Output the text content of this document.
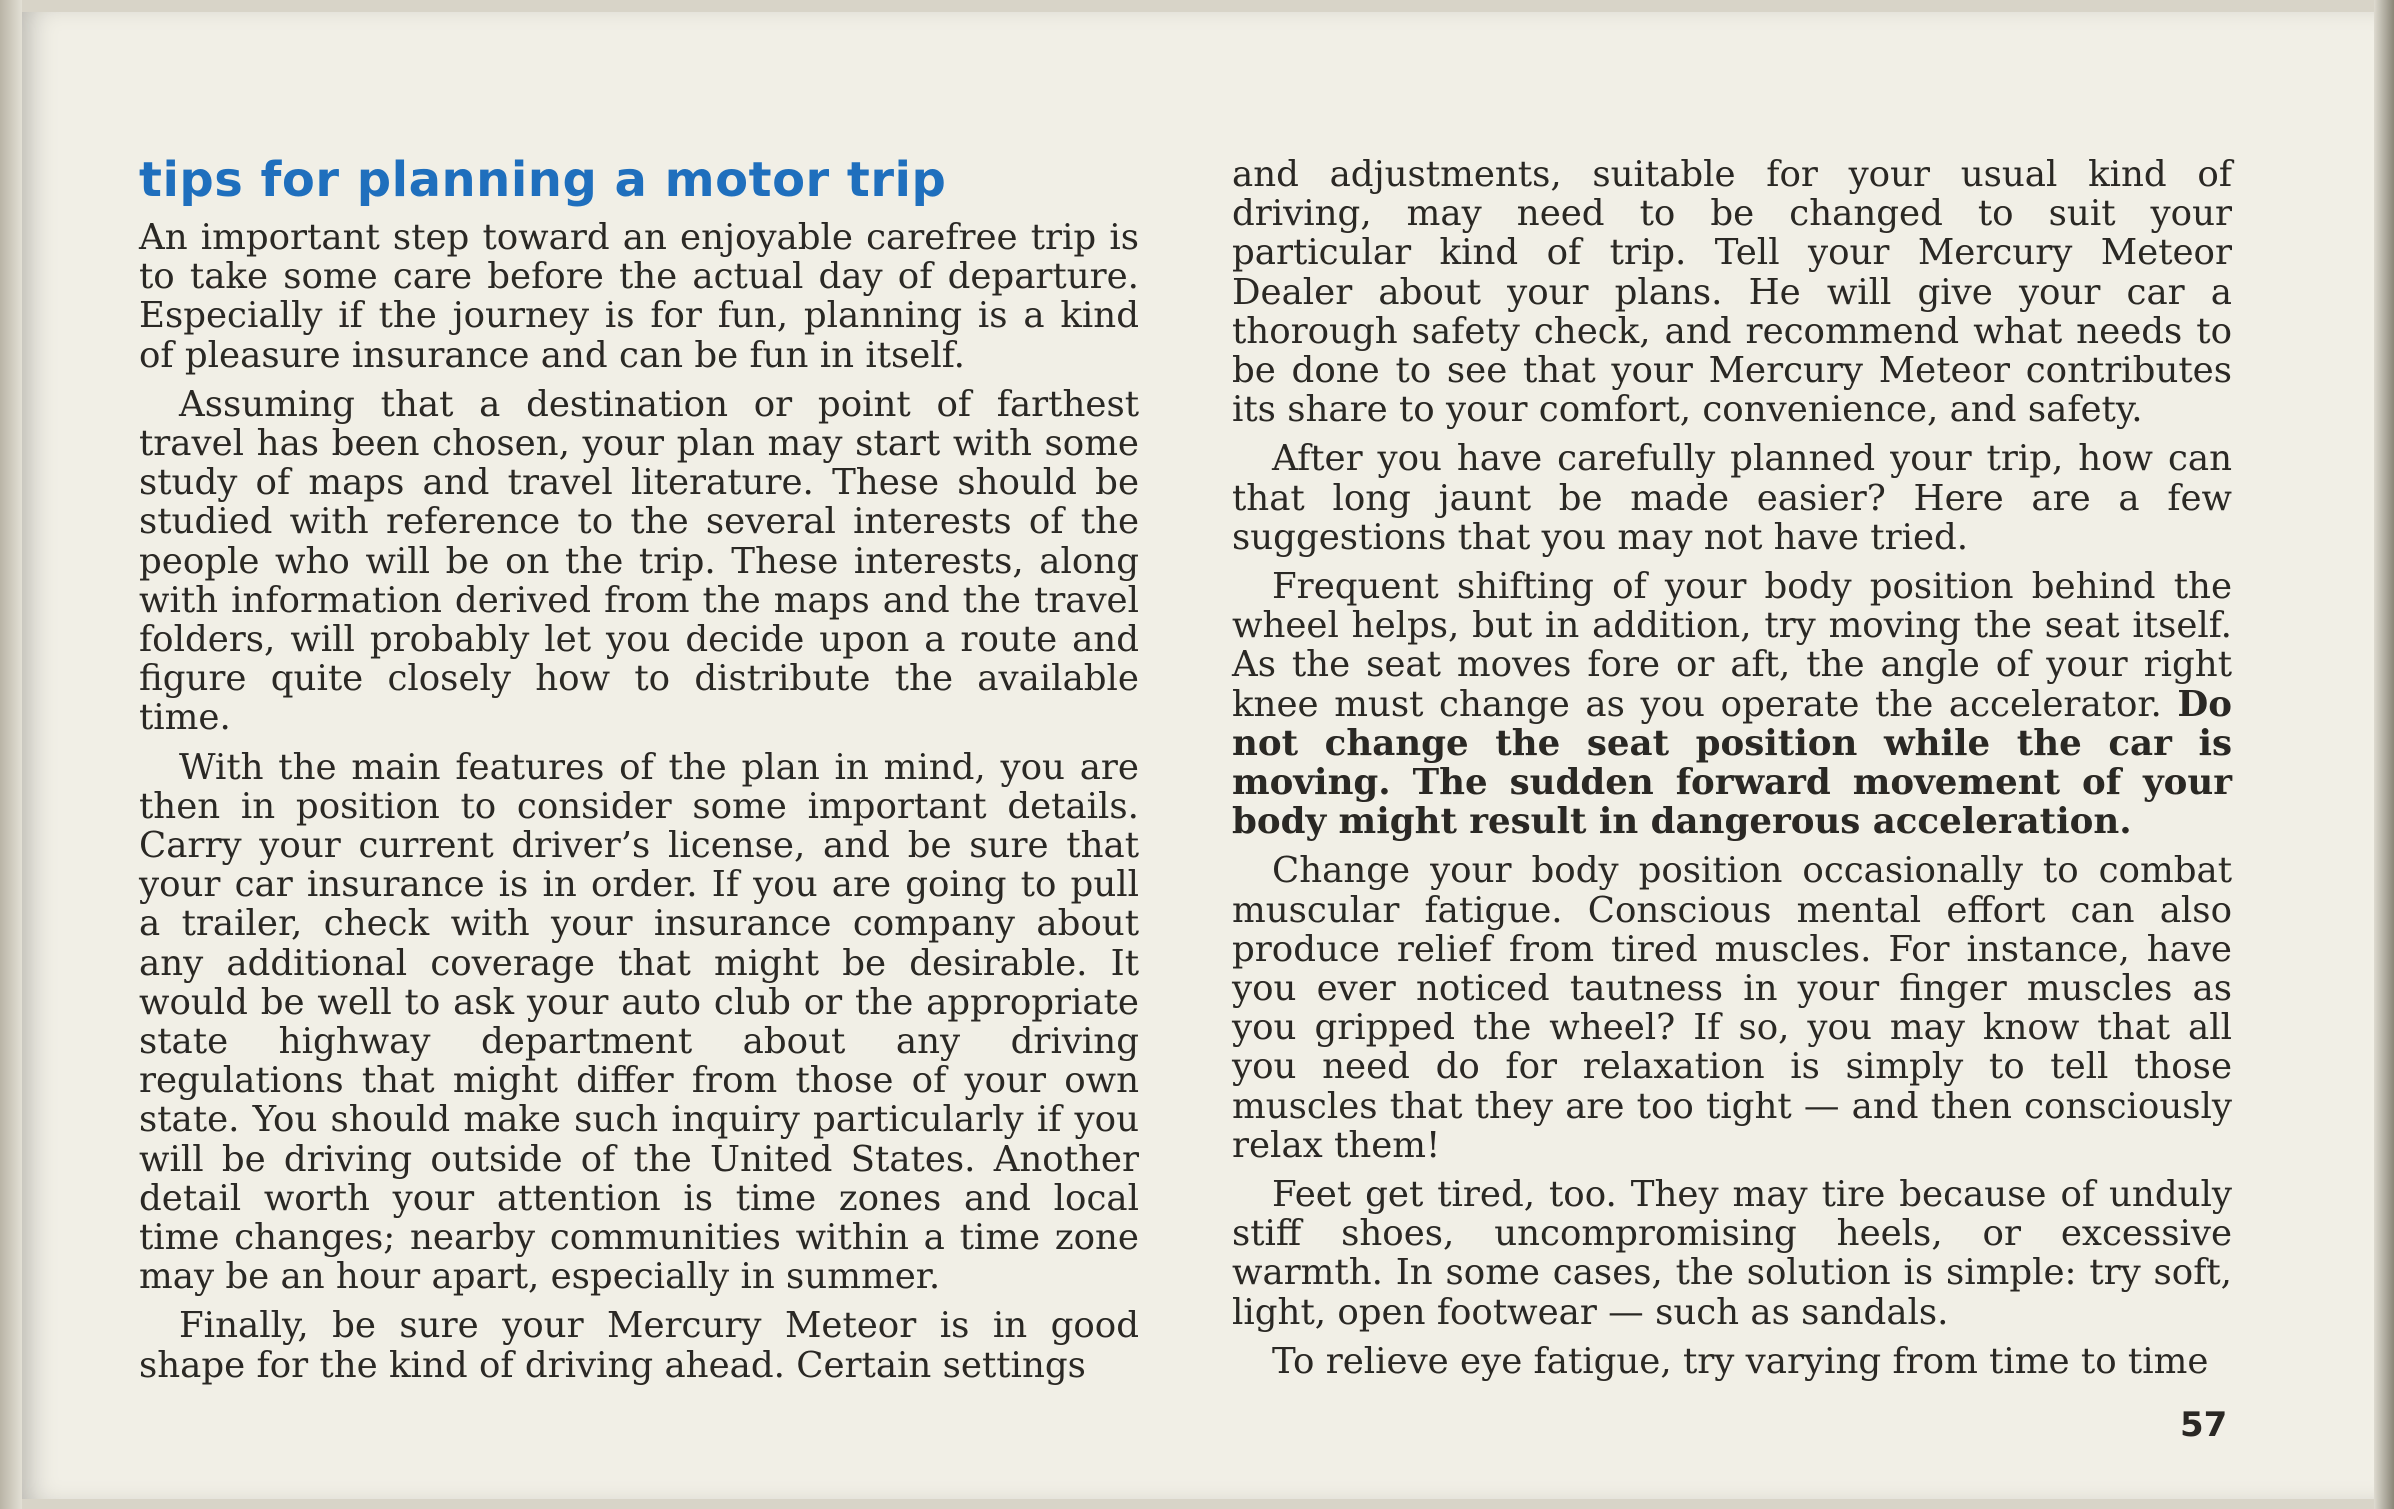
tips for planning a motor trip

An important step toward an enjoyable carefree trip is to take some care before the actual day of departure. Especially if the journey is for fun, planning is a kind of pleasure insurance and can be fun in itself.

Assuming that a destination or point of farthest travel has been chosen, your plan may start with some study of maps and travel literature. These should be studied with reference to the several interests of the people who will be on the trip. These interests, along with information derived from the maps and the travel folders, will probably let you decide upon a route and figure quite closely how to distribute the available time.

With the main features of the plan in mind, you are then in position to consider some important details. Carry your current driver’s license, and be sure that your car insurance is in order. If you are going to pull a trailer, check with your insurance company about any additional coverage that might be desirable. It would be well to ask your auto club or the appropriate state highway department about any driving regulations that might differ from those of your own state. You should make such inquiry particularly if you will be driving outside of the United States. Another detail worth your attention is time zones and local time changes; nearby communities within a time zone may be an hour apart, especially in summer.

Finally, be sure your Mercury Meteor is in good shape for the kind of driving ahead. Certain settings

and adjustments, suitable for your usual kind of driving, may need to be changed to suit your particular kind of trip. Tell your Mercury Meteor Dealer about your plans. He will give your car a thorough safety check, and recommend what needs to be done to see that your Mercury Meteor contributes its share to your comfort, convenience, and safety.

After you have carefully planned your trip, how can that long jaunt be made easier? Here are a few suggestions that you may not have tried.

Frequent shifting of your body position behind the wheel helps, but in addition, try moving the seat itself. As the seat moves fore or aft, the angle of your right knee must change as you operate the accelerator. Do not change the seat position while the car is moving. The sudden forward movement of your body might result in dangerous acceleration.

Change your body position occasionally to combat muscular fatigue. Conscious mental effort can also produce relief from tired muscles. For instance, have you ever noticed tautness in your finger muscles as you gripped the wheel? If so, you may know that all you need do for relaxation is simply to tell those muscles that they are too tight — and then consciously relax them!

Feet get tired, too. They may tire because of unduly stiff shoes, uncompromising heels, or excessive warmth. In some cases, the solution is simple: try soft, light, open footwear — such as sandals.

To relieve eye fatigue, try varying from time to time

57
